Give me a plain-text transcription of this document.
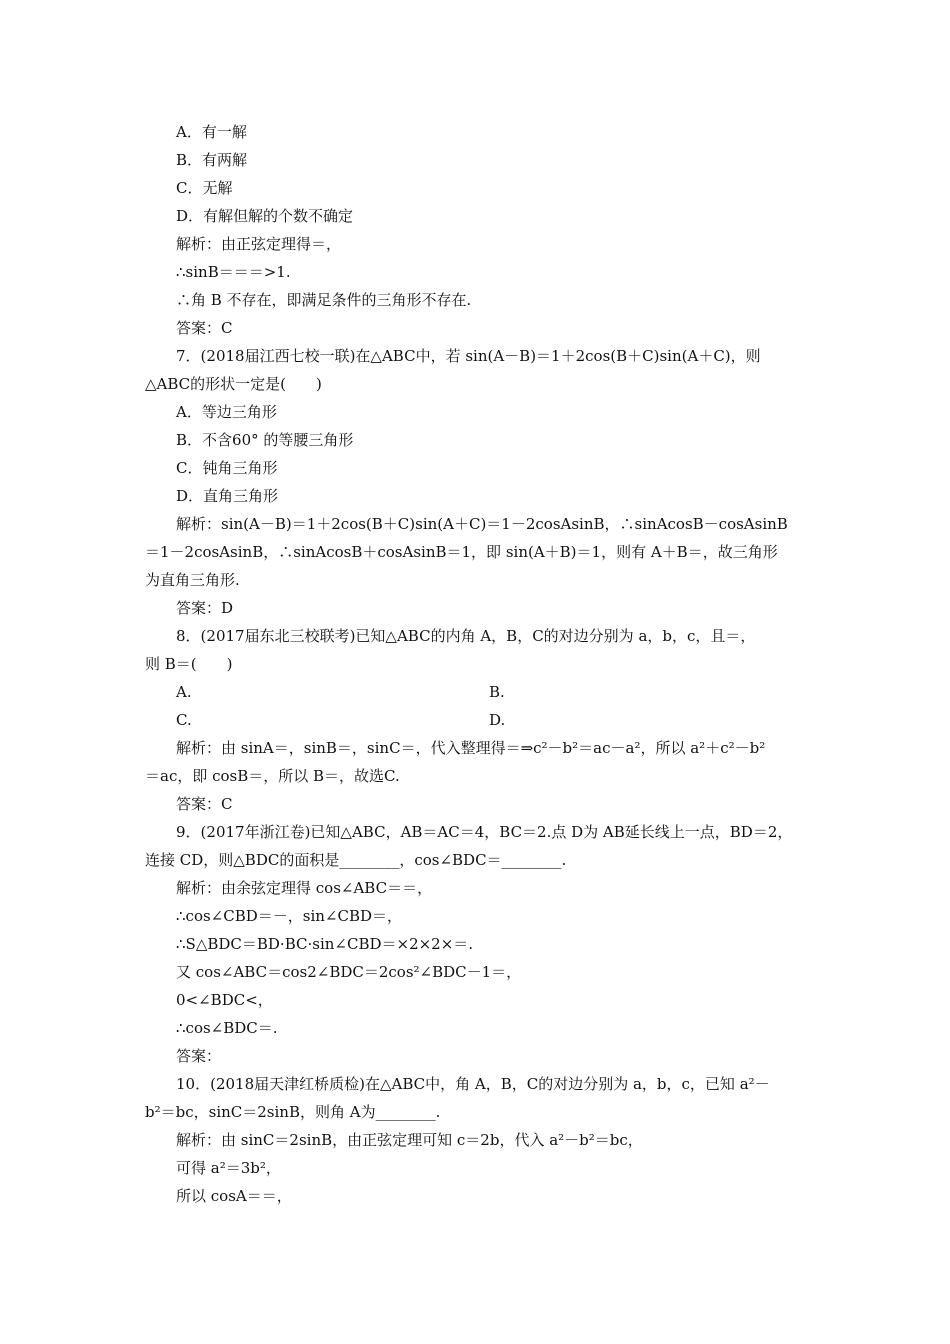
A．有一解
B．有两解
C．无解
D．有解但解的个数不确定
解析：由正弦定理得＝，
∴sinB＝＝＝>1.
∴角 B 不存在，即满足条件的三角形不存在.
答案：C
7．(2018届江西七校一联)在△ABC中，若 sin(A－B)＝1＋2cos(B＋C)sin(A＋C)，则
△ABC的形状一定是(　　)
A．等边三角形
B．不含60° 的等腰三角形
C．钝角三角形
D．直角三角形
解析：sin(A－B)＝1＋2cos(B＋C)sin(A＋C)＝1－2cosAsinB，∴sinAcosB－cosAsinB
＝1－2cosAsinB，∴sinAcosB＋cosAsinB＝1，即 sin(A＋B)＝1，则有 A＋B＝，故三角形
为直角三角形.
答案：D
8．(2017届东北三校联考)已知△ABC的内角 A，B，C的对边分别为 a，b，c，且＝，
则 B＝(　　)
A.	B.
C.	D.
解析：由 sinA＝，sinB＝，sinC＝，代入整理得＝⇒c²－b²＝ac－a²，所以 a²＋c²－b²
＝ac，即 cosB＝，所以 B＝，故选C.
答案：C
9．(2017年浙江卷)已知△ABC，AB＝AC＝4，BC＝2.点 D为 AB延长线上一点，BD＝2，
连接 CD，则△BDC的面积是________，cos∠BDC＝________.
解析：由余弦定理得 cos∠ABC＝＝，
∴cos∠CBD＝－，sin∠CBD＝，
∴S△BDC＝BD·BC·sin∠CBD＝×2×2×＝.
又 cos∠ABC＝cos2∠BDC＝2cos²∠BDC－1＝，
0<∠BDC<，
∴cos∠BDC＝.
答案：
10．(2018届天津红桥质检)在△ABC中，角 A，B，C的对边分别为 a，b，c，已知 a²－
b²＝bc，sinC＝2sinB，则角 A为________.
解析：由 sinC＝2sinB，由正弦定理可知 c＝2b，代入 a²－b²＝bc，
可得 a²＝3b²，
所以 cosA＝＝，
